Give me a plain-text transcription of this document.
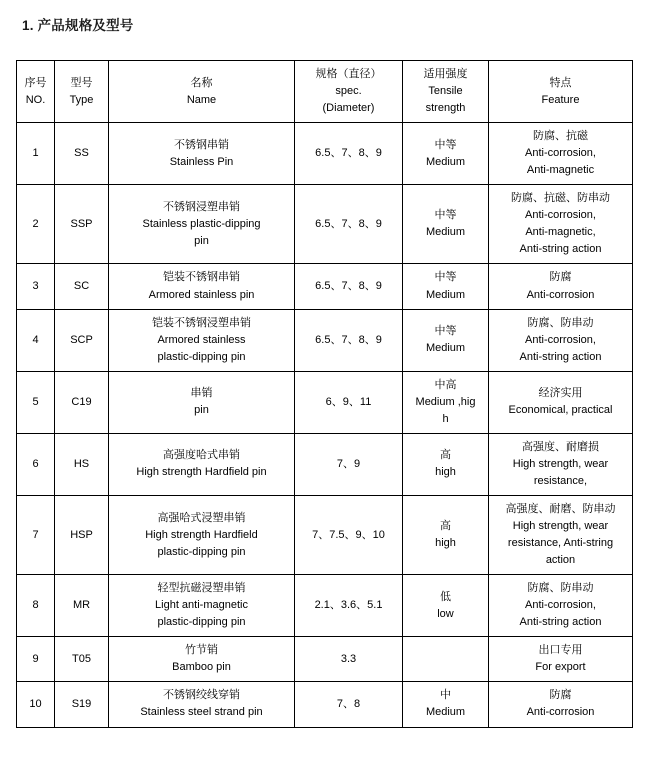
1. 产品规格及型号
序号
NO.	型号
Type	名称
Name	规格（直径）
spec.
(Diameter)	适用强度
Tensile
strength	特点
Feature

1	SS	不锈钢串销
Stainless Pin	6.5、7、8、9	中等
Medium	防腐、抗磁
Anti-corrosion,
Anti-magnetic

2	SSP	不锈钢浸塑串销
Stainless plastic-dipping
pin	6.5、7、8、9	中等
Medium	防腐、抗磁、防串动
Anti-corrosion,
Anti-magnetic,
Anti-string action

3	SC	铠装不锈钢串销
Armored stainless pin	6.5、7、8、9	中等
Medium	防腐
Anti-corrosion

4	SCP	铠装不锈钢浸塑串销
Armored stainless
plastic-dipping pin	6.5、7、8、9	中等
Medium	防腐、防串动
Anti-corrosion,
Anti-string action

5	C19	串销
pin	6、9、11	中高
Medium ,hig
h	经济实用
Economical, practical

6	HS	高强度哈式串销
High strength Hardfield pin	7、9	高
high	高强度、耐磨损
High strength, wear
resistance,

7	HSP	高强哈式浸塑串销
High strength Hardfield
plastic-dipping pin	7、7.5、9、10	高
high	高强度、耐磨、防串动
High strength, wear
resistance, Anti-string
action

8	MR	轻型抗磁浸塑串销
Light anti-magnetic
plastic-dipping pin	2.1、3.6、5.1	低
low	防腐、防串动
Anti-corrosion,
Anti-string action

9	T05	竹节销
Bamboo pin	3.3		出口专用
For export

10	S19	不锈钢绞线穿销
Stainless steel strand pin	7、8	中
Medium	防腐
Anti-corrosion
